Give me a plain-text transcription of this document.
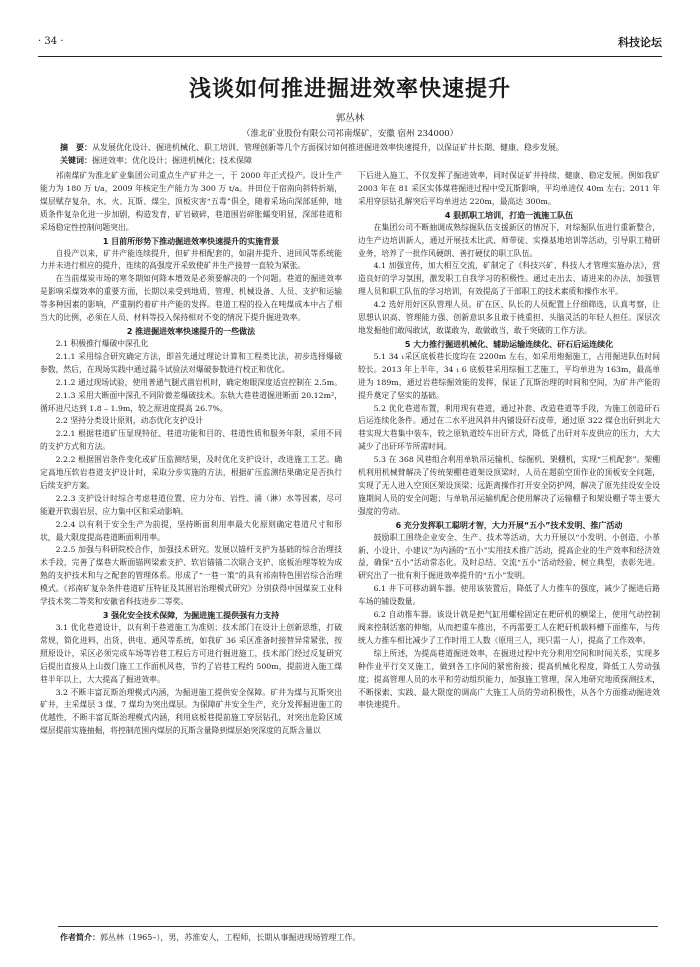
· 34 ·	科技论坛
浅谈如何推进掘进效率快速提升
郭丛林
（淮北矿业股份有限公司祁南煤矿，安徽 宿州 234000）

摘　要：从发展优化设计、掘进机械化、职工培训、管理创新等几个方面探讨如何推进掘进效率快速提升，以保证矿井长期、健康、稳步发展。

关键词：掘进效率；优化设计；掘进机械化；技术保障

祁南煤矿为淮北矿业集团公司重点生产矿井之一，于 2000 年正式投产。设计生产能力为 180 万 t/a，2009 年核定生产能力为 300 万 t/a。井田位于宿南向斜转折端，煤层赋存复杂，水、火、瓦斯、煤尘、顶板灾害“五毒”俱全，随着采场向深部延伸，地质条件复杂化进一步加剧，构造发育，矿岩破碎，巷道围岩碎胀蠕变明显，深部巷道和采场稳定性控制问题突出。

1 目前所形势下推动掘进效率快速提升的实施背景

自投产以来，矿井产能连续提升，但矿井相配套的，如副井提升、进回风等系统能力并未进行相应的提升，连续的高强度开采致使矿井生产接替一直较为紧张。

在当前煤炭市场的寒冬期如何降本增效是必须要解决的一个问题。巷道的掘进效率是影响采煤效率的重要方面，长期以来受到地质、管理、机械设备、人员、支护和运输等多种因素的影响，严重制约着矿井产能的发挥。巷道工程的投入在吨煤成本中占了相当大的比例，必须在人员、材料等投入保持相对不变的情况下提升掘进效率。

2 推进掘进效率快速提升的一些做法
2.1 积极推行爆破中深孔化

2.1.1 采用综合研究确定方法，即首先通过理论计算和工程类比法，初步选择爆破参数，然后，在现场实践中通过漏斗试验法对爆破参数进行校正和优化。

2.1.2 通过现场试验，使用普通气腿式凿岩机时，确定炮眼深度适宜控制在 2.5m。

2.1.3 采用大断面中深孔不同阶微差爆破技术。东轨大巷巷道掘进断面 20.12m²，循环进尺达到 1.8 – 1.9m，较之原进度提高 26.7%。

2.2 坚持分类设计原则，动态优化支护设计

2.2.1 根据巷道矿压显现特征、巷道功能和目的、巷道性质和服务年限，采用不同的支护方式和方法。

2.2.2 根据围岩条件变化或矿压监测结果，及时优化支护设计，改进施工工艺。确定高地压软岩巷道支护设计时，采取分步实施的方法，根据矿压监测结果确定是否执行后续支护方案。

2.2.3 支护设计时综合考虑巷道位置、应力分布、岩性、涌（淋）水等因素，尽可能避开软弱岩层、应力集中区和采动影响。

2.2.4 以有利于安全生产为前提，坚持断面利用率最大化原则确定巷道尺寸和形状，最大限度提高巷道断面利用率。

2.2.5 加强与科研院校合作，加强技术研究。发展以锚杆支护为基础的综合治理技术手段，完善了煤巷大断面锚网梁索支护、软岩锚锚二次联合支护、底板治理等较为成熟的支护技术和与之配套的管理体系。形成了“一巷一策”的具有祁南特色围岩综合治理模式。《祁南矿复杂条件巷道矿压特征及其围岩治理模式研究》分别获得中国煤炭工业科学技术奖二等奖和安徽省科技进步二等奖。

3 强化安全技术保障，为掘进施工提供强有力支持

3.1 优化巷道设计，以有利于巷道施工为准则；技术部门在设计上创新思维，打破常规，简化进料、出货、供电、通风等系统，如我矿 36 采区准备时接替异常紧张，按照原设计，采区必须完成车场等岩巷工程后方可进行掘进施工，技术部门经过反复研究后提出直接从上山拨门施工工作面机风巷，节约了岩巷工程约 500m，提前进入施工煤巷半年以上，大大提高了掘进效率。

3.2 不断丰富瓦斯治理模式内涵，为掘进施工提供安全保障。矿井为煤与瓦斯突出矿井，主采煤层 3 煤、7 煤均为突出煤层。为保障矿井安全生产，充分发挥掘进施工的优越性，不断丰富瓦斯治理模式内涵，利用底板巷提前施工穿层钻孔，对突出危险区域煤层提前实施抽掘，将控制范围内煤层的瓦斯含量降到煤层始突深度的瓦斯含量以

下后进入施工，不仅发挥了掘进效率，同时保证矿井持续、健康、稳定发展。例如我矿 2003 年在 81 采区实体煤巷掘进过程中受瓦斯影响，平均单进仅 40m 左右；2011 年采用穿层钻孔解突后平均单进达 220m，最高达 300m。

4 狠抓职工培训，打造一流施工队伍

在集团公司不断抽调成熟综掘队伍支援新区的情况下，对综掘队伍进行重新整合，边生产边培训新人，通过开展技术比武、师带徒、实操基地培训等活动，引导职工精研业务，培养了一批作风硬朗、善打硬仗的职工队伍。

4.1 加强宣传，加大相互交流，矿制定了《科技兴矿、科技人才管理实施办法》，营造良好的学习氛围，激发职工自我学习的积极性。通过走出去、请进来的办法，加强管理人员和职工队伍的学习培训，有效提高了干部职工的技术素质和操作水平。

4.2 选好用好区队管理人员。矿在区、队长的人员配置上仔细筛选，认真考察，让思想认识高、管理能力强、创新意识多且敢于挑重担、头脑灵活的年轻人担任。深层次地发掘他们敢闯敢试，敢谋敢为，敢做敢当，敢于突破的工作方法。

5 大力推行掘进机械化、辅助运输连续化、矸石后运连续化

5.1 34 ₁采区底板巷长度均在 2200m 左右，如采用炮掘施工，占用掘进队伍时间较长。2013 年上半年，34 ₁ 6 底板巷采用综掘工艺施工，平均单进为 163m，最高单进为 189m，通过岩巷综掘效能的发挥，保证了瓦斯治理的时间和空间，为矿井产能的提升奠定了坚实的基础。

5.2 优化巷道布置，利用现有巷道，通过补套、改造巷道等手段，为施工创造矸石后运连续化条件。通过在二水平进风斜井内铺设矸石皮带，通过原 322 煤仓出矸到北大巷实现大巷集中装车，较之原轨道绞车出矸方式，降低了出矸对车皮供应的压力，大大减少了出矸环节所需时间。

5.3 在 368 风巷组合利用单轨吊运输机、综掘机、架棚机，实现“三机配套”。架棚机利用机械臂解决了传统架棚巷道架设顶梁时，人员在超前空顶作业的顶板安全问题，实现了无人进入空顶区架设顶梁；远距离操作打开安全防护网，解决了原先挂设安全设施期间人员的安全问题；与单轨吊运输机配合使用解决了运输棚子和架设棚子等主要大强度的劳动。

6 充分发挥职工聪明才智，大力开展“五小”技术发明、推广活动

鼓励职工围绕企业安全、生产、技术等活动，大力开展以“小发明、小创造、小革新、小设计、小建议”为内涵的“五小”实用技术推广活动，提高企业的生产效率和经济效益，确保“五小”活动常态化。及时总结、交流“五小”活动经验，树立典型，表彰先进。研究出了一批有利于掘进效率提升的“五小”发明。

6.1 井下可移动调车器。使用该装置后，降低了人力推车的强度，减少了掘进后路车场的铺设数量。

6.2 自动推车器。该设计就是把气缸用螺栓固定在耙矸机的横梁上，使用气动控制阀来控制活塞的伸缩，从而把重车推出，不再需要工人在耙矸机载料槽下面推车，与传统人力推车相比减少了工作时用工人数（原用三人，现只需一人），提高了工作效率。

综上所述，为提高巷道掘进效率，在掘进过程中充分利用空间和时间关系，实现多种作业平行交叉施工，做到各工序间的紧密衔接；提高机械化程度，降低工人劳动强度；提高管理人员的水平和劳动组织能力，加强施工管理，深入地研究地质探测技术，不断探索、实践、最大限度的调高广大施工人员的劳动积极性，从各个方面推动掘进效率快速提升。

作者简介：郭丛林（1965–），男，苏淮安人，工程师，长期从事掘进现场管理工作。
